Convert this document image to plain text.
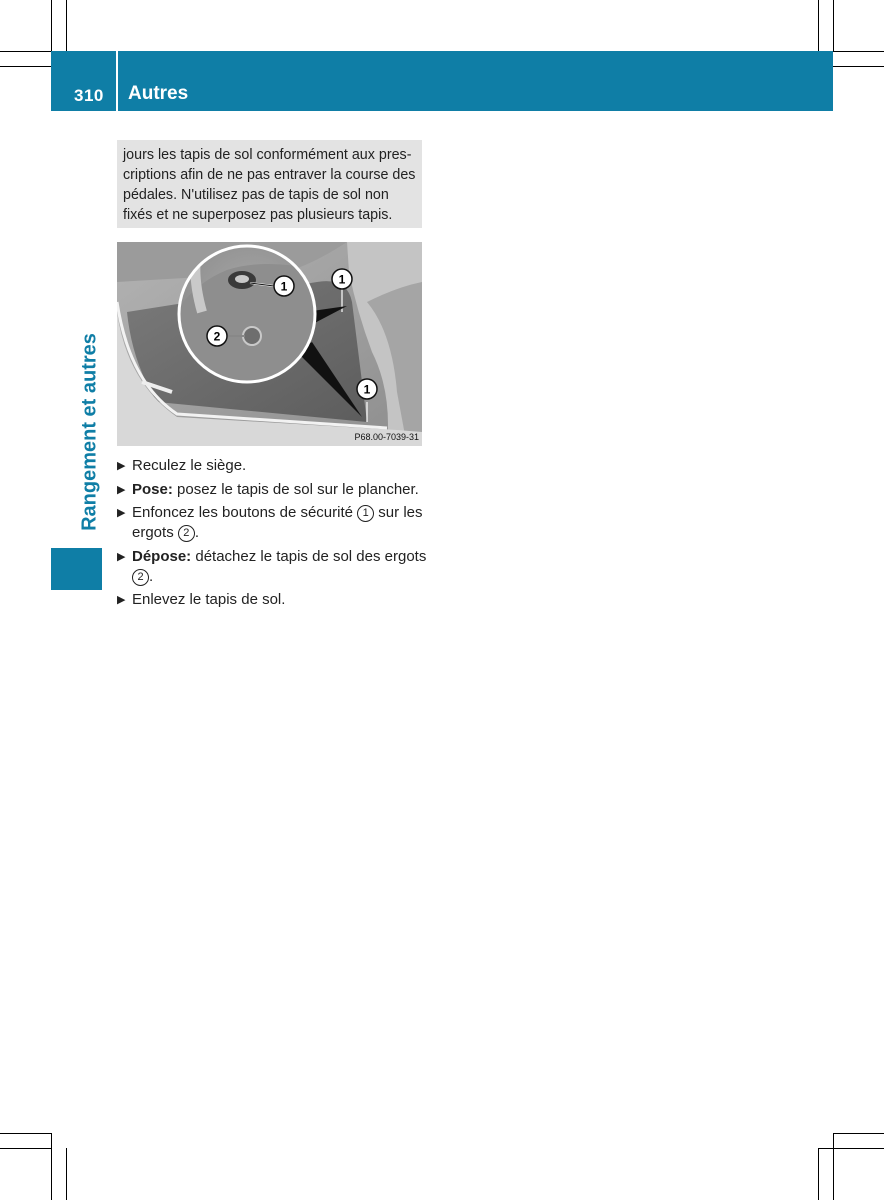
310 Autres
Rangement et autres
jours les tapis de sol conformément aux pres-
criptions afin de ne pas entraver la course des
pédales. N'utilisez pas de tapis de sol non
fixés et ne superposez pas plusieurs tapis.
1
2
1
1
P68.00-7039-31
▶ Reculez le siège.
▶ Pose: posez le tapis de sol sur le plancher.
▶ Enfoncez les boutons de sécurité 1 sur les ergots 2 .
▶ Dépose: détachez le tapis de sol des ergots 2 .
▶ Enlevez le tapis de sol.
